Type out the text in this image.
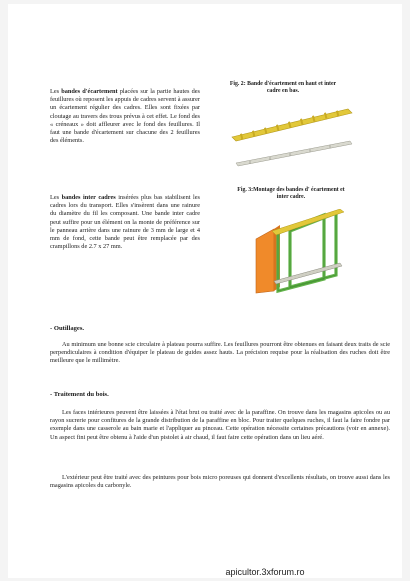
Les bandes d'écartement placées sur la partie hautes des feuillures où reposent les appuis de cadres servent à assurer un écartement régulier des cadres. Elles sont fixées par cloutage au travers des trous prévus à cet effet. Le fond des « créneaux » doit affleurer avec le fond des feuillures. Il faut une bande d'écartement sur chacune des 2 feuillures des éléments.

Fig. 2: Bande d'écartement en haut et inter cadre en bas.

Les bandes inter cadres insérées plus bas stabilisent les cadres lors du transport. Elles s'insèrent dans une rainure du diamètre du fil les composant. Une bande inter cadre peut suffire pour un élément on la monte de préférence sur le panneau arrière dans une rainure de 3 mm de large et 4 mm de fond, cette bande peut être remplacée par des crampillons de 2.7 x 27 mm.

Fig. 3:Montage des bandes d' écartement et inter cadre.
- Outillages.

Au minimum une bonne scie circulaire à plateau pourra suffire. Les feuillures pourront être obtenues en faisant deux traits de scie perpendiculaires à condition d'équiper le plateau de guides assez hauts. La précision requise pour la réalisation des ruches doit être meilleure que le millimètre.

- Traitement du bois.

Les faces intérieures peuvent être laissées à l'état brut ou traité avec de la paraffine. On trouve dans les magasins apicoles ou au rayon sucrerie pour confitures de la grande distribution de la paraffine en bloc. Pour traiter quelques ruches, il faut la faire fondre par exemple dans une casserole au bain marie et l'appliquer au pinceau. Cette opération nécessite certaines précautions (voir en annexe). Un aspect fini peut être obtenu à l'aide d'un pistolet à air chaud, il faut faire cette opération dans un lieu aéré.

L'extérieur peut être traité avec des peintures pour bois micro poreuses qui donnent d'excellents résultats, on trouve aussi dans les magasins apicoles du carbonyle.

apicultor.3xforum.ro
